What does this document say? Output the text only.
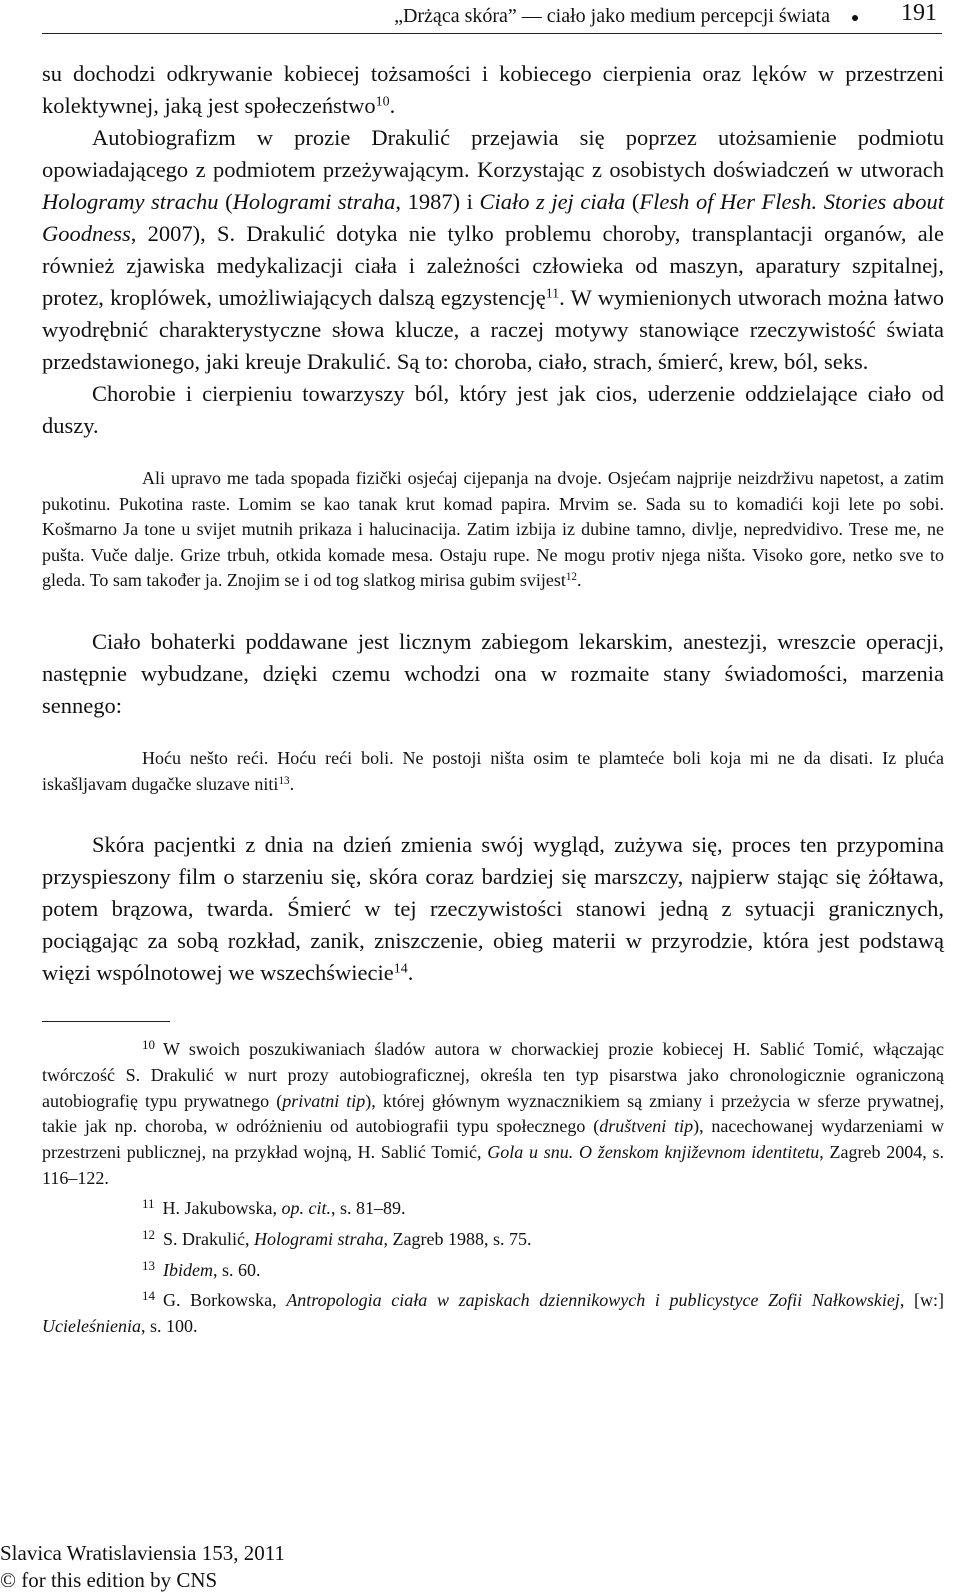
„Drżąca skóra” — ciało jako medium percepcji świata	191

su dochodzi odkrywanie kobiecej tożsamości i kobiecego cierpienia oraz lęków w przestrzeni kolektywnej, jaką jest społeczeństwo$^{10}$.

Autobiografizm w prozie Drakulić przejawia się poprzez utożsamienie podmiotu opowiadającego z podmiotem przeżywającym. Korzystając z osobistych doświadczeń w utworach Hologramy strachu (Hologrami straha, 1987) i Ciało z jej ciała (Flesh of Her Flesh. Stories about Goodness, 2007), S. Drakulić dotyka nie tylko problemu choroby, transplantacji organów, ale również zjawiska medykalizacji ciała i zależności człowieka od maszyn, aparatury szpitalnej, protez, kroplówek, umożliwiających dalszą egzystencję$^{11}$. W wymienionych utworach można łatwo wyodrębnić charakterystyczne słowa klucze, a raczej motywy stanowiące rzeczywistość świata przedstawionego, jaki kreuje Drakulić. Są to: choroba, ciało, strach, śmierć, krew, ból, seks.

Chorobie i cierpieniu towarzyszy ból, który jest jak cios, uderzenie oddzielające ciało od duszy.

Ali upravo me tada spopada fizički osjećaj cijepanja na dvoje. Osjećam najprije neizdrživu napetost, a zatim pukotinu. Pukotina raste. Lomim se kao tanak krut komad papira. Mrvim se. Sada su to komadići koji lete po sobi. Košmarno Ja tone u svijet mutnih prikaza i halucinacija. Zatim izbija iz dubine tamno, divlje, nepredvidivo. Trese me, ne pušta. Vuče dalje. Grize trbuh, otkida komade mesa. Ostaju rupe. Ne mogu protiv njega ništa. Visoko gore, netko sve to gleda. To sam također ja. Znojim se i od tog slatkog mirisa gubim svijest$^{12}$.

Ciało bohaterki poddawane jest licznym zabiegom lekarskim, anestezji, wreszcie operacji, następnie wybudzane, dzięki czemu wchodzi ona w rozmaite stany świadomości, marzenia sennego:

Hoću nešto reći. Hoću reći boli. Ne postoji ništa osim te plamteće boli koja mi ne da disati. Iz pluća iskašljavam dugačke sluzave niti$^{13}$.

Skóra pacjentki z dnia na dzień zmienia swój wygląd, zużywa się, proces ten przypomina przyspieszony film o starzeniu się, skóra coraz bardziej się marszczy, najpierw stając się żółtawa, potem brązowa, twarda. Śmierć w tej rzeczywistości stanowi jedną z sytuacji granicznych, pociągając za sobą rozkład, zanik, zniszczenie, obieg materii w przyrodzie, która jest podstawą więzi wspólnotowej we wszechświecie$^{14}$.

10 W swoich poszukiwaniach śladów autora w chorwackiej prozie kobiecej H. Sablić Tomić, włączając twórczość S. Drakulić w nurt prozy autobiograficznej, określa ten typ pisarstwa jako chronologicznie ograniczoną autobiografię typu prywatnego (privatni tip), której głównym wyznacznikiem są zmiany i przeżycia w sferze prywatnej, takie jak np. choroba, w odróżnieniu od autobiografii typu społecznego (društveni tip), nacechowanej wydarzeniami w przestrzeni publicznej, na przykład wojną, H. Sablić Tomić, Gola u snu. O ženskom književnom identitetu, Zagreb 2004, s. 116–122.

11 H. Jakubowska, op. cit., s. 81–89.

12 S. Drakulić, Hologrami straha, Zagreb 1988, s. 75.

13 Ibidem, s. 60.

14 G. Borkowska, Antropologia ciała w zapiskach dziennikowych i publicystyce Zofii Nałkowskiej, [w:] Ucieleśnienia, s. 100.

Slavica Wratislaviensia 153, 2011
© for this edition by CNS
